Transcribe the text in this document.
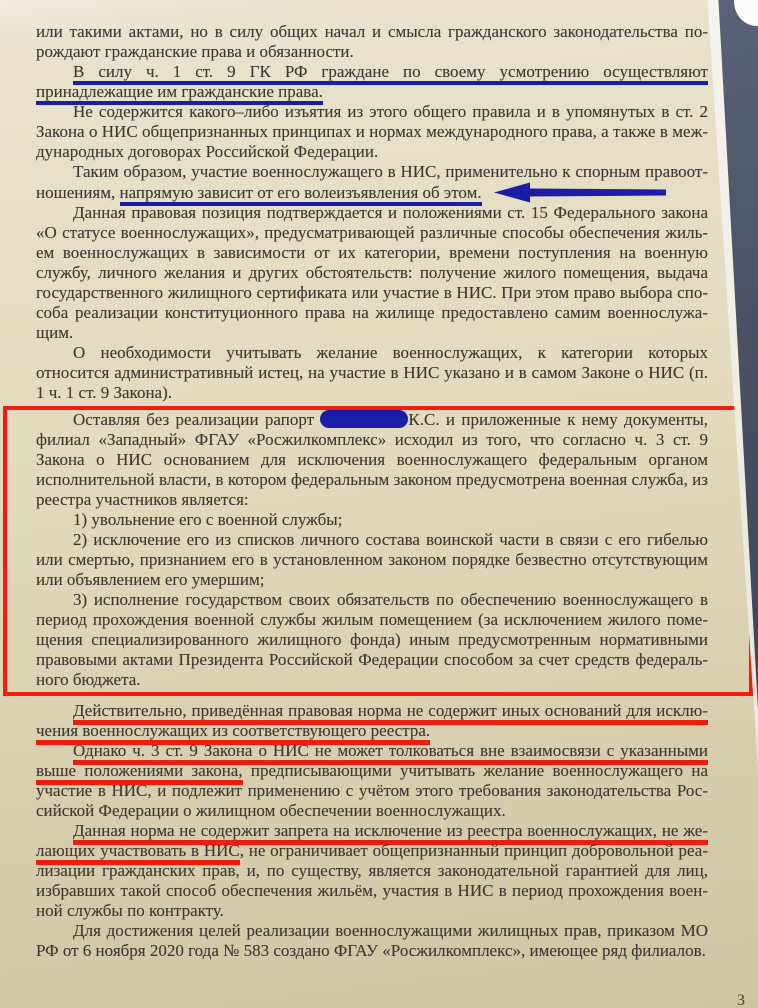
или такими актами, но в силу общих начал и смысла гражданского законодательства порождают гражданские права и обязанности.

В силу ч. 1 ст. 9 ГК РФ граждане по своему усмотрению осуществляют принадлежащие им гражданские права.

Не содержится какого–либо изъятия из этого общего правила и в упомянутых в ст. 2 Закона о НИС общепризнанных принципах и нормах международного права, а также в международных договорах Российской Федерации.

Таким образом, участие военнослужащего в НИС, применительно к спорным правоотношениям, напрямую зависит от его волеизъявления об этом.

Данная правовая позиция подтверждается и положениями ст. 15 Федерального закона «О статусе военнослужащих», предусматривающей различные способы обеспечения жильем военнослужащих в зависимости от их категории, времени поступления на военную службу, личного желания и других обстоятельств: получение жилого помещения, выдача государственного жилищного сертификата или участие в НИС. При этом право выбора способа реализации конституционного права на жилище предоставлено самим военнослужащим.

О необходимости учитывать желание военнослужащих, к категории которых относится административный истец, на участие в НИС указано и в самом Законе о НИС (п. 1 ч. 1 ст. 9 Закона).

Оставляя без реализации рапорт	К.С. и приложенные к нему документы, филиал «Западный» ФГАУ «Росжилкомплекс» исходил из того, что согласно ч. 3 ст. 9 Закона о НИС основанием для исключения военнослужащего федеральным органом исполнительной власти, в котором федеральным законом предусмотрена военная служба, из реестра участников является:

1) увольнение его с военной службы;

2) исключение его из списков личного состава воинской части в связи с его гибелью или смертью, признанием его в установленном законом порядке безвестно отсутствующим или объявлением его умершим;

3) исполнение государством своих обязательств по обеспечению военнослужащего в период прохождения военной службы жилым помещением (за исключением жилого помещения специализированного жилищного фонда) иным предусмотренным нормативными правовыми актами Президента Российской Федерации способом за счет средств федерального бюджета.

Действительно, приведённая правовая норма не содержит иных оснований для исключения военнослужащих из соответствующего реестра.

Однако ч. 3 ст. 9 Закона о НИС не может толковаться вне взаимосвязи с указанными выше положениями закона, предписывающими учитывать желание военнослужащего на участие в НИС, и подлежит применению с учётом этого требования законодательства Российской Федерации о жилищном обеспечении военнослужащих.

Данная норма не содержит запрета на исключение из реестра военнослужащих, не желающих участвовать в НИС, не ограничивает общепризнанный принцип добровольной реализации гражданских прав, и, по существу, является законодательной гарантией для лиц, избравших такой способ обеспечения жильём, участия в НИС в период прохождения военной службы по контракту.

Для достижения целей реализации военнослужащими жилищных прав, приказом МО РФ от 6 ноября 2020 года № 583 создано ФГАУ «Росжилкомплекс», имеющее ряд филиалов.

3
